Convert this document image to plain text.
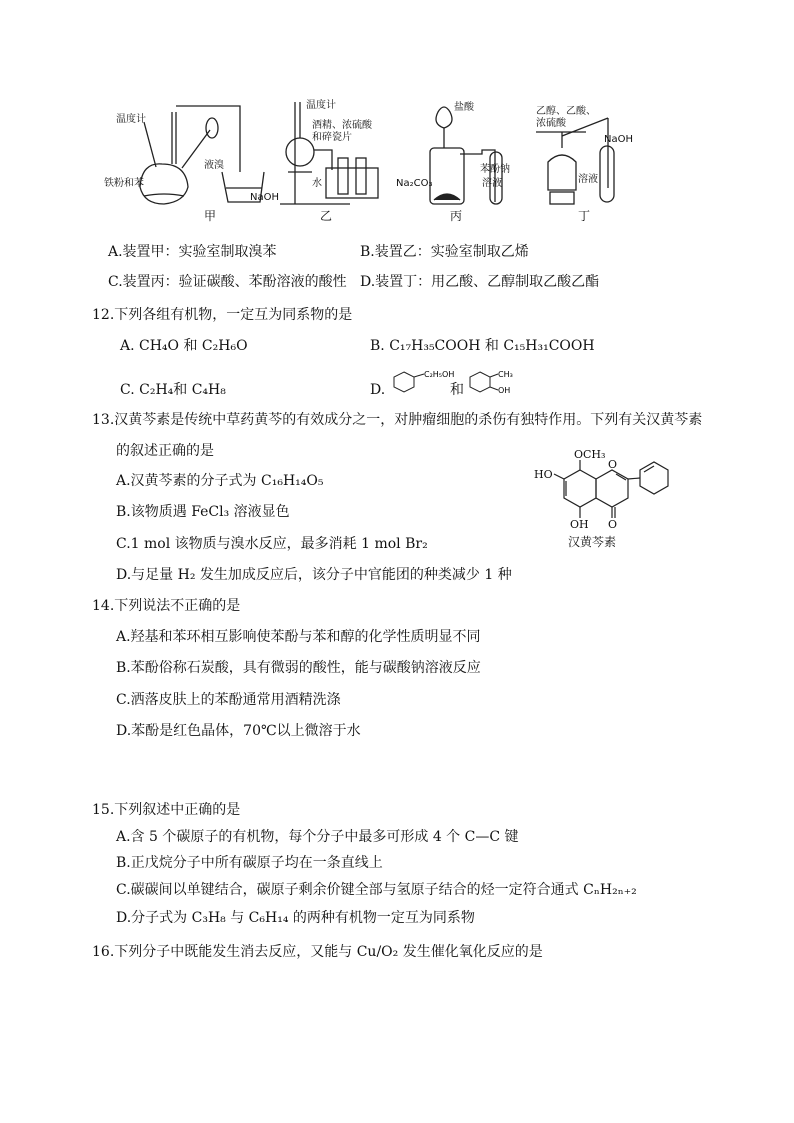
温度计
液溴
铁粉和苯
NaOH
温度计
酒精、浓硫酸
和碎瓷片
水
盐酸
Na₂CO₃
苯酚钠
溶液
乙醇、乙酸、
浓硫酸
NaOH
溶液
甲	乙	丙	丁
A.装置甲：实验室制取溴苯	B.装置乙：实验室制取乙烯
C.装置丙：验证碳酸、苯酚溶液的酸性 D.装置丁：用乙酸、乙醇制取乙酸乙酯
12.下列各组有机物，一定互为同系物的是
A. CH₄O 和 C₂H₆O	B. C₁₇H₃₅COOH 和 C₁₅H₃₁COOH
C. C₂H₄和 C₄H₈	D.
C₂H₅OH
和
CH₃
OH
13.汉黄芩素是传统中草药黄芩的有效成分之一，对肿瘤细胞的杀伤有独特作用。下列有关汉黄芩素
的叙述正确的是
A.汉黄芩素的分子式为 C₁₆H₁₄O₅
B.该物质遇 FeCl₃ 溶液显色
C.1 mol 该物质与溴水反应，最多消耗 1 mol Br₂
D.与足量 H₂ 发生加成反应后，该分子中官能团的种类减少 1 种
OCH₃
HO
OH O
O
汉黄芩素
14.下列说法不正确的是
A.羟基和苯环相互影响使苯酚与苯和醇的化学性质明显不同
B.苯酚俗称石炭酸，具有微弱的酸性，能与碳酸钠溶液反应
C.洒落皮肤上的苯酚通常用酒精洗涤
D.苯酚是红色晶体，70℃以上微溶于水
15.下列叙述中正确的是
A.含 5 个碳原子的有机物，每个分子中最多可形成 4 个 C—C 键
B.正戊烷分子中所有碳原子均在一条直线上
C.碳碳间以单键结合，碳原子剩余价键全部与氢原子结合的烃一定符合通式 CₙH₂ₙ₊₂
D.分子式为 C₃H₈ 与 C₆H₁₄ 的两种有机物一定互为同系物
16.下列分子中既能发生消去反应，又能与 Cu/O₂ 发生催化氧化反应的是
